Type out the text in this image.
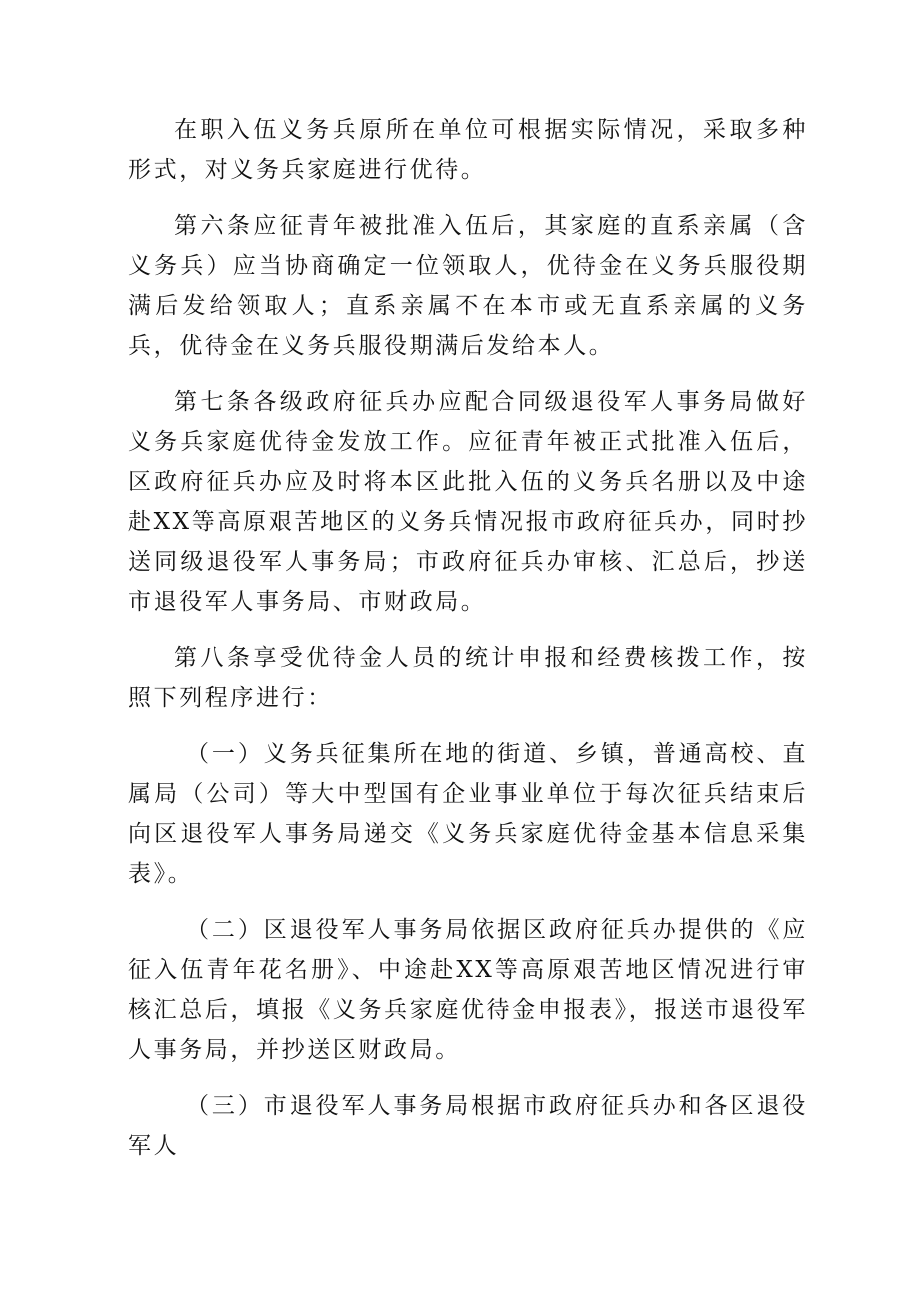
在职入伍义务兵原所在单位可根据实际情况，采取多种形式，对义务兵家庭进行优待。

第六条应征青年被批准入伍后，其家庭的直系亲属（含义务兵）应当协商确定一位领取人，优待金在义务兵服役期满后发给领取人；直系亲属不在本市或无直系亲属的义务兵，优待金在义务兵服役期满后发给本人。

第七条各级政府征兵办应配合同级退役军人事务局做好义务兵家庭优待金发放工作。应征青年被正式批准入伍后，区政府征兵办应及时将本区此批入伍的义务兵名册以及中途赴XX等高原艰苦地区的义务兵情况报市政府征兵办，同时抄送同级退役军人事务局；市政府征兵办审核、汇总后，抄送市退役军人事务局、市财政局。

第八条享受优待金人员的统计申报和经费核拨工作，按照下列程序进行：

（一）义务兵征集所在地的街道、乡镇，普通高校、直属局（公司）等大中型国有企业事业单位于每次征兵结束后向区退役军人事务局递交《义务兵家庭优待金基本信息采集表》。

（二）区退役军人事务局依据区政府征兵办提供的《应征入伍青年花名册》、中途赴XX等高原艰苦地区情况进行审核汇总后，填报《义务兵家庭优待金申报表》，报送市退役军人事务局，并抄送区财政局。

（三）市退役军人事务局根据市政府征兵办和各区退役军人
